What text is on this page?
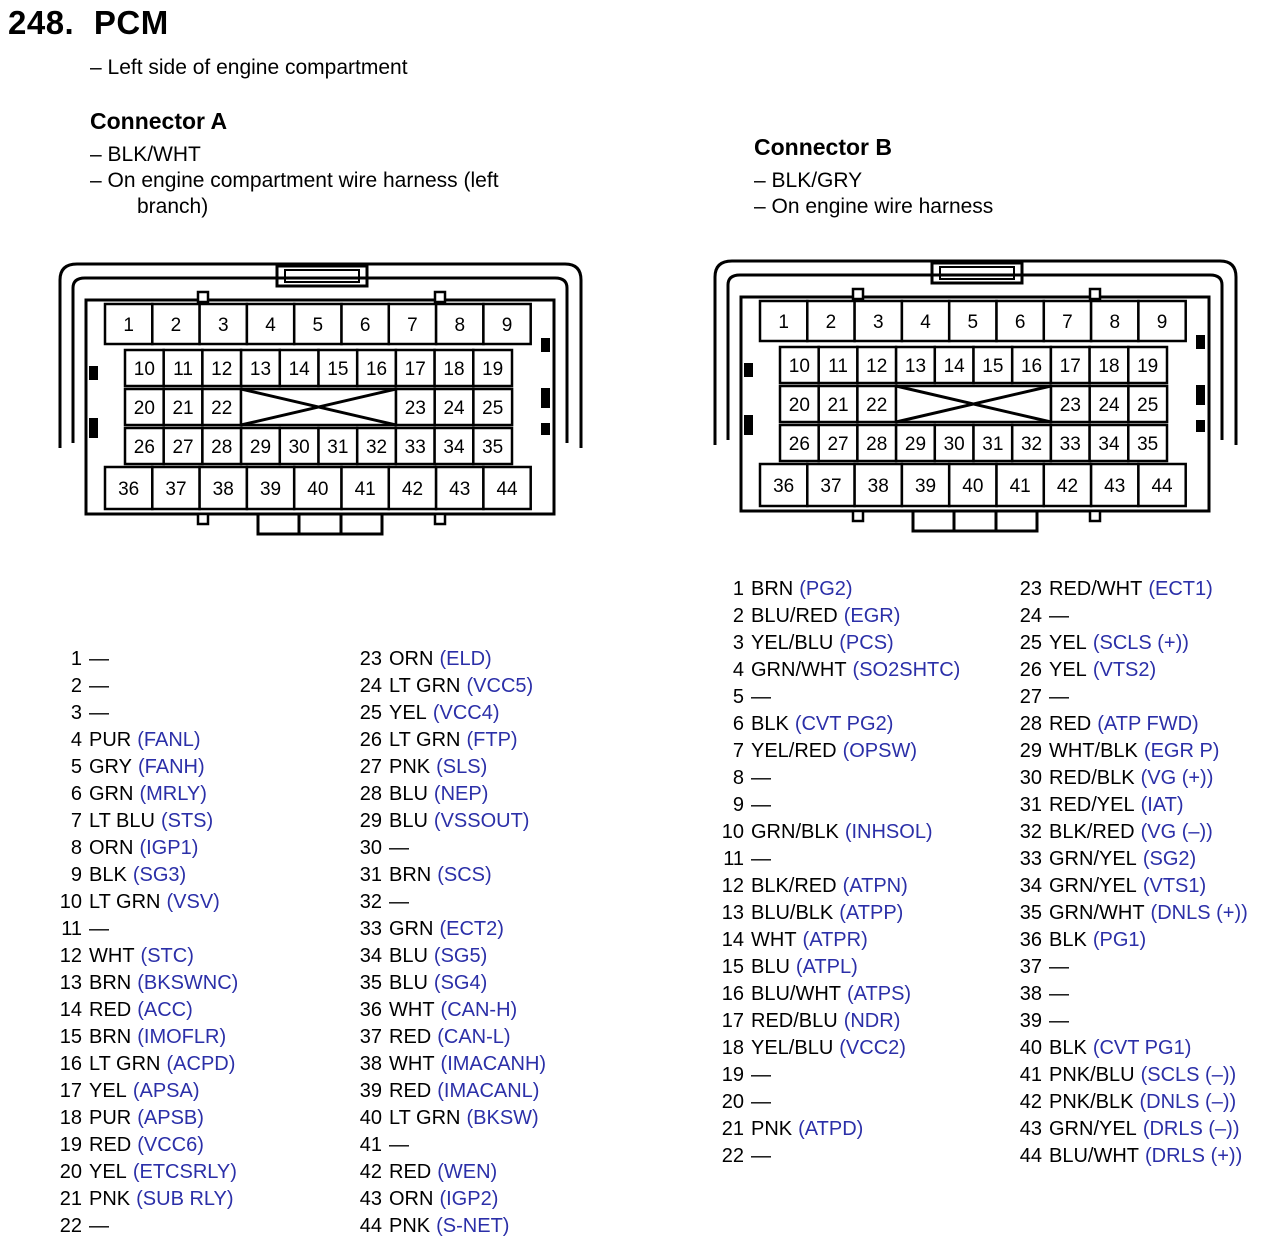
248. PCM
– Left side of engine compartment
Connector A
– BLK/WHT
– On engine compartment wire harness (left
branch)
Connector B
– BLK/GRY
– On engine wire harness
1 2 3 4 5 6 7 8 9
10 11 12 13 14 15 16 17 18 19
20 21 22	23 24 25
26 27 28 29 30 31 32 33 34 35
36 37 38 39 40 41 42 43 44
1 2 3 4 5 6 7 8 9
10 11 12 13 14 15 16 17 18 19
20 21 22	23 24 25
26 27 28 29 30 31 32 33 34 35
36 37 38 39 40 41 42 43 44
1 —
2 —
3 —
4 PUR (FANL)
5 GRY (FANH)
6 GRN (MRLY)
7 LT BLU (STS)
8 ORN (IGP1)
9 BLK (SG3)
10 LT GRN (VSV)
11 —
12 WHT (STC)
13 BRN (BKSWNC)
14 RED (ACC)
15 BRN (IMOFLR)
16 LT GRN (ACPD)
17 YEL (APSA)
18 PUR (APSB)
19 RED (VCC6)
20 YEL (ETCSRLY)
21 PNK (SUB RLY)
22 —
23 ORN (ELD)
24 LT GRN (VCC5)
25 YEL (VCC4)
26 LT GRN (FTP)
27 PNK (SLS)
28 BLU (NEP)
29 BLU (VSSOUT)
30 —
31 BRN (SCS)
32 —
33 GRN (ECT2)
34 BLU (SG5)
35 BLU (SG4)
36 WHT (CAN-H)
37 RED (CAN-L)
38 WHT (IMACANH)
39 RED (IMACANL)
40 LT GRN (BKSW)
41 —
42 RED (WEN)
43 ORN (IGP2)
44 PNK (S-NET)
1 BRN (PG2)
2 BLU/RED (EGR)
3 YEL/BLU (PCS)
4 GRN/WHT (SO2SHTC)
5 —
6 BLK (CVT PG2)
7 YEL/RED (OPSW)
8 —
9 —
10 GRN/BLK (INHSOL)
11 —
12 BLK/RED (ATPN)
13 BLU/BLK (ATPP)
14 WHT (ATPR)
15 BLU (ATPL)
16 BLU/WHT (ATPS)
17 RED/BLU (NDR)
18 YEL/BLU (VCC2)
19 —
20 —
21 PNK (ATPD)
22 —
23 RED/WHT (ECT1)
24 —
25 YEL (SCLS (+))
26 YEL (VTS2)
27 —
28 RED (ATP FWD)
29 WHT/BLK (EGR P)
30 RED/BLK (VG (+))
31 RED/YEL (IAT)
32 BLK/RED (VG (–))
33 GRN/YEL (SG2)
34 GRN/YEL (VTS1)
35 GRN/WHT (DNLS (+))
36 BLK (PG1)
37 —
38 —
39 —
40 BLK (CVT PG1)
41 PNK/BLU (SCLS (–))
42 PNK/BLK (DNLS (–))
43 GRN/YEL (DRLS (–))
44 BLU/WHT (DRLS (+))
